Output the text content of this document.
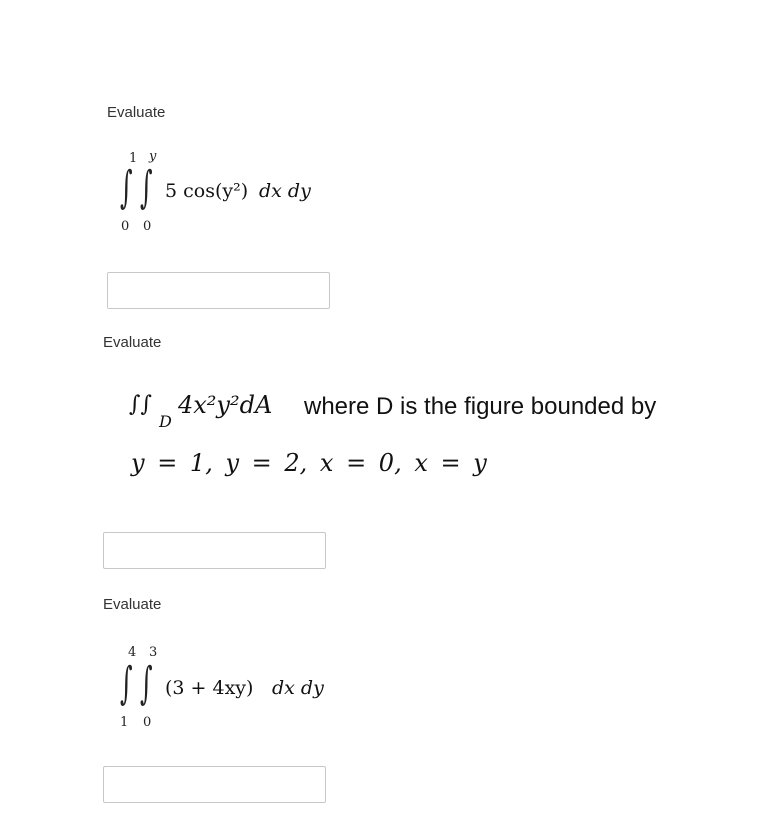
Evaluate
1 y
∫ ∫
0 0
5 cos(y²) dx dy
Evaluate
∫∫
D
4x²y²dA where D is the figure bounded by
y = 1, y = 2, x = 0, x = y
Evaluate
4 3
∫ ∫
1 0
(3 + 4xy) dx dy
